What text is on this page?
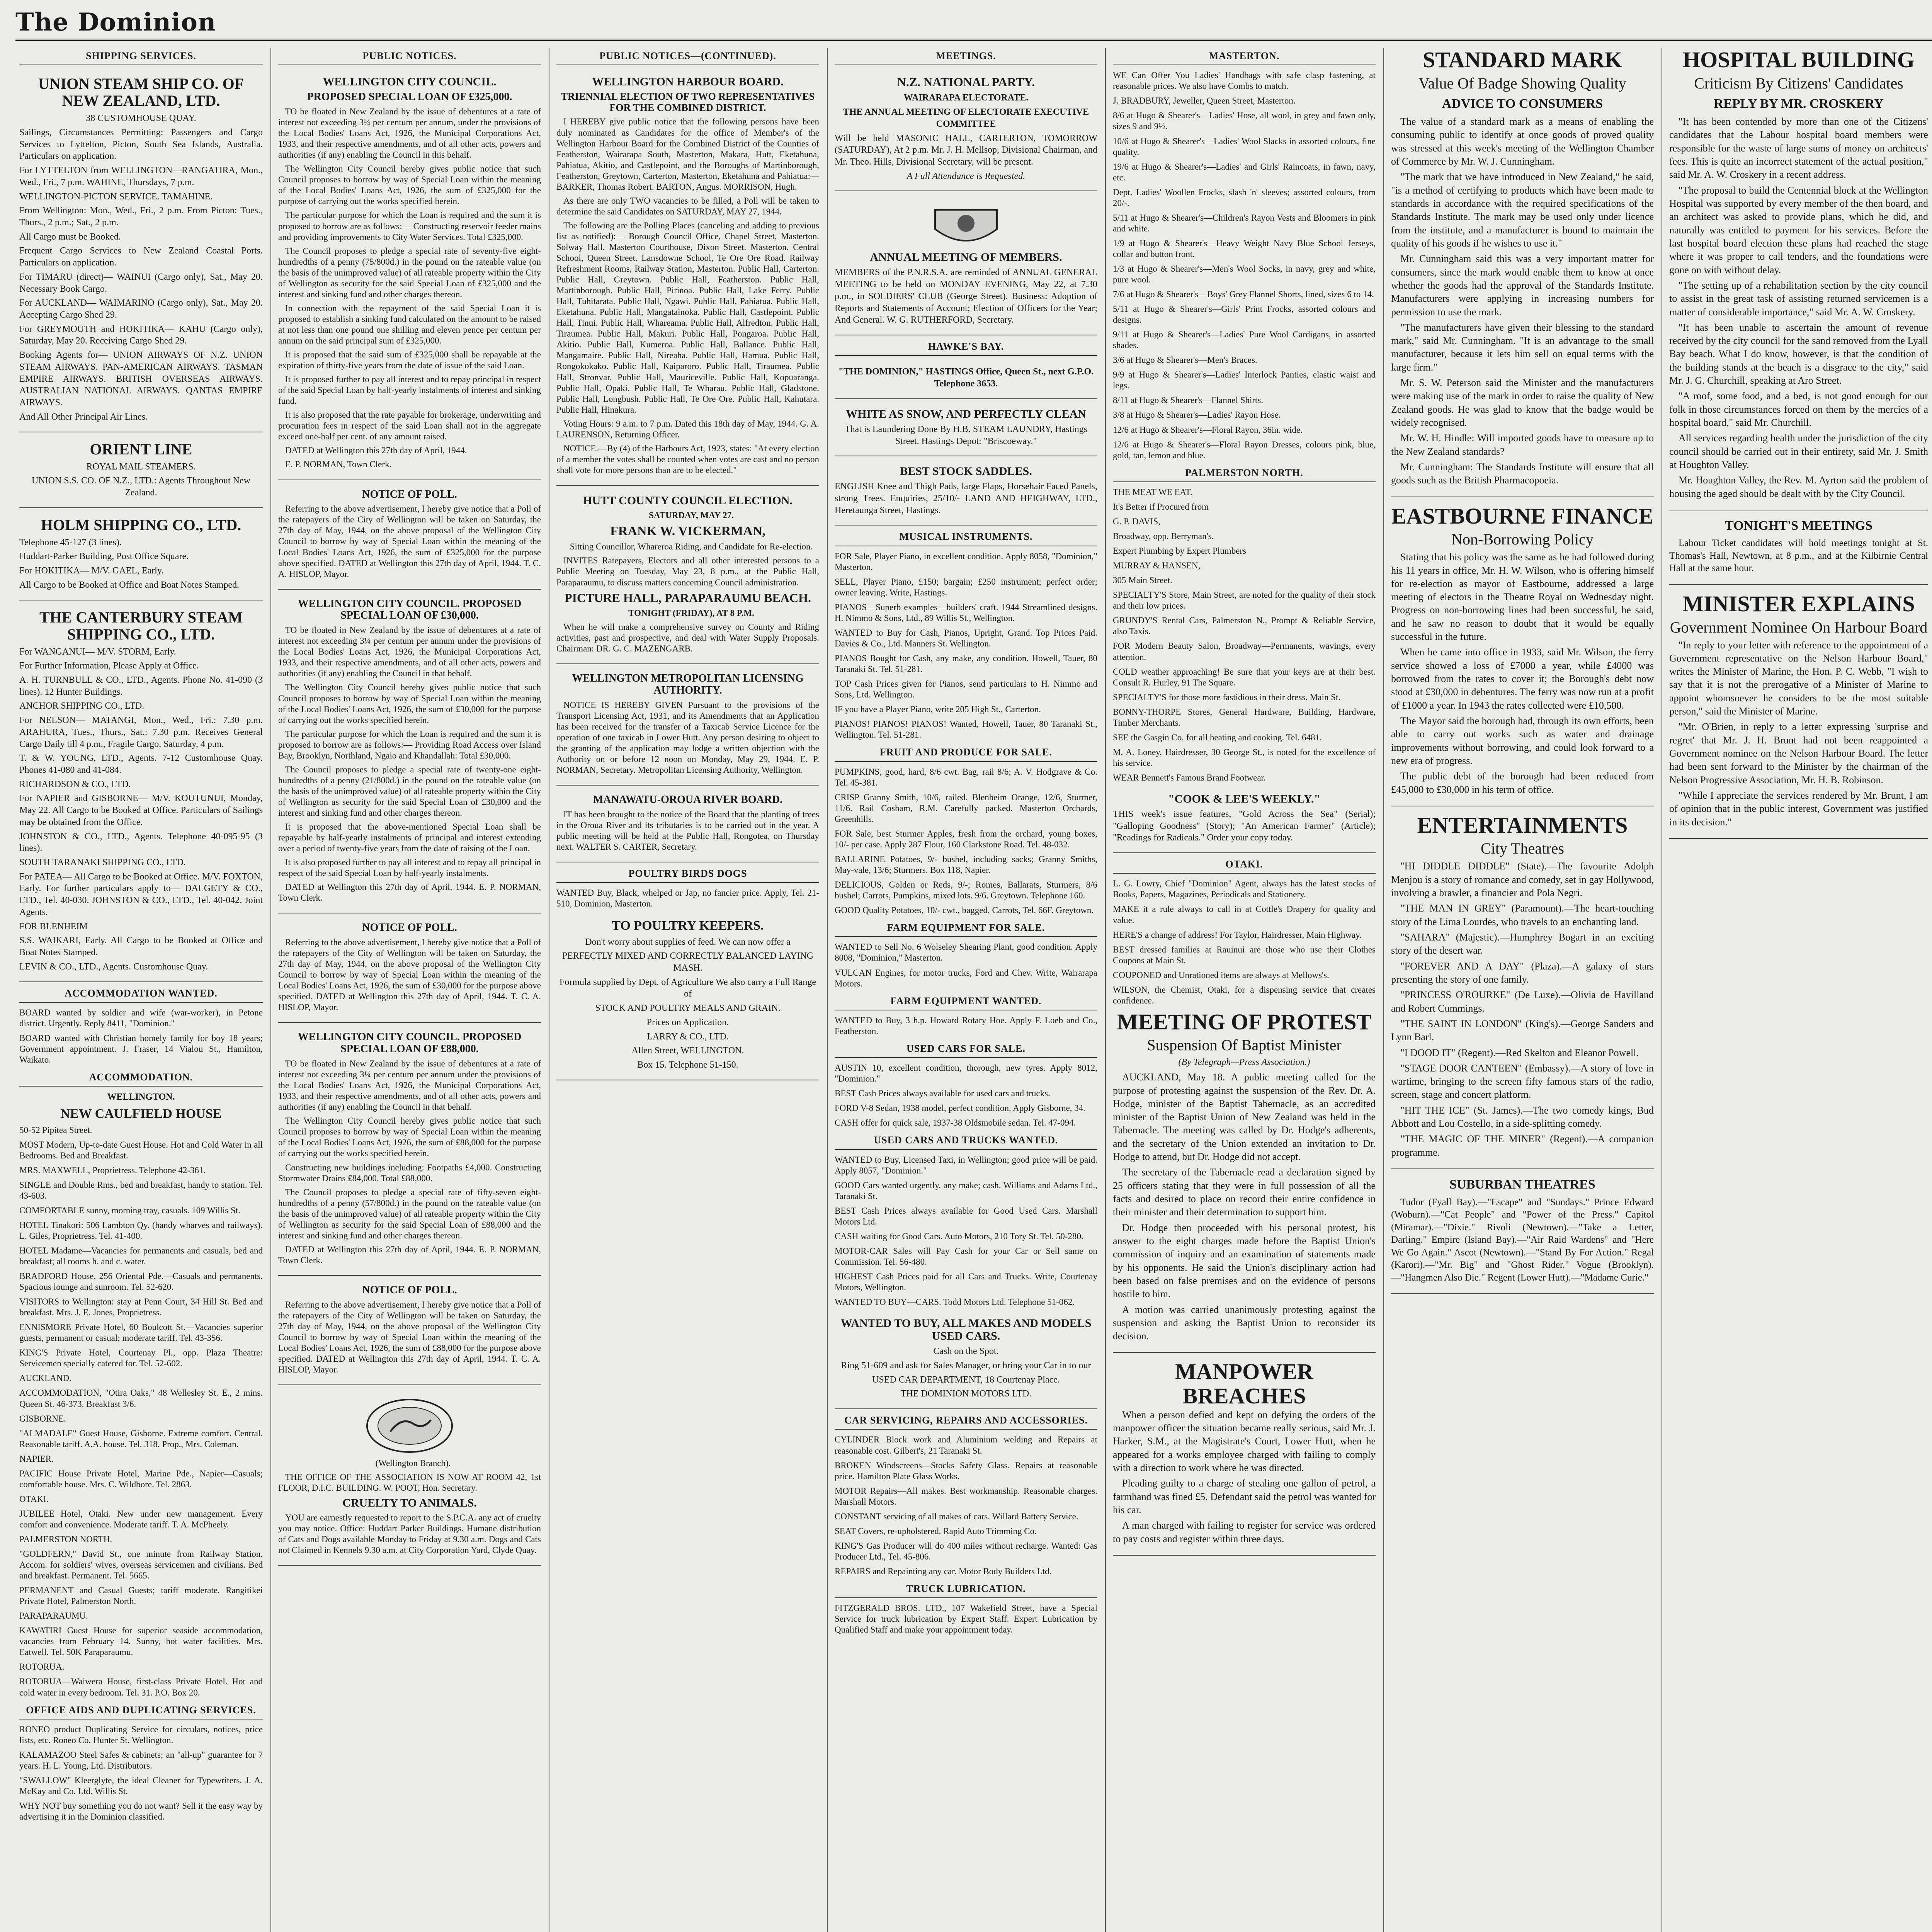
The Dominion
SHIPPING SERVICES.
UNION STEAM SHIP CO. OF NEW ZEALAND, LTD.

38 CUSTOMHOUSE QUAY.

Sailings, Circumstances Permitting: Passengers and Cargo Services to Lyttelton, Picton, South Sea Islands, Australia. Particulars on application.

For LYTTELTON from WELLINGTON—RANGATIRA, Mon., Wed., Fri., 7 p.m. WAHINE, Thursdays, 7 p.m.

WELLINGTON-PICTON SERVICE. TAMAHINE.

From Wellington: Mon., Wed., Fri., 2 p.m. From Picton: Tues., Thurs., 2 p.m.; Sat., 2 p.m.

All Cargo must be Booked.

Frequent Cargo Services to New Zealand Coastal Ports. Particulars on application.

For TIMARU (direct)— WAINUI (Cargo only), Sat., May 20. Necessary Book Cargo.

For AUCKLAND— WAIMARINO (Cargo only), Sat., May 20. Accepting Cargo Shed 29.

For GREYMOUTH and HOKITIKA— KAHU (Cargo only), Saturday, May 20. Receiving Cargo Shed 29.

Booking Agents for— UNION AIRWAYS OF N.Z. UNION STEAM AIRWAYS. PAN-AMERICAN AIRWAYS. TASMAN EMPIRE AIRWAYS. BRITISH OVERSEAS AIRWAYS. AUSTRALIAN NATIONAL AIRWAYS. QANTAS EMPIRE AIRWAYS.

And All Other Principal Air Lines.

ORIENT LINE

ROYAL MAIL STEAMERS.

UNION S.S. CO. OF N.Z., LTD.: Agents Throughout New Zealand.

HOLM SHIPPING CO., LTD.

Telephone 45-127 (3 lines).

Huddart-Parker Building, Post Office Square.

For HOKITIKA— M/V. GAEL, Early.

All Cargo to be Booked at Office and Boat Notes Stamped.

THE CANTERBURY STEAM SHIPPING CO., LTD.

For WANGANUI— M/V. STORM, Early.

For Further Information, Please Apply at Office.

A. H. TURNBULL & CO., LTD., Agents. Phone No. 41-090 (3 lines). 12 Hunter Buildings.

ANCHOR SHIPPING CO., LTD.

For NELSON— MATANGI, Mon., Wed., Fri.: 7.30 p.m. ARAHURA, Tues., Thurs., Sat.: 7.30 p.m. Receives General Cargo Daily till 4 p.m., Fragile Cargo, Saturday, 4 p.m.

T. & W. YOUNG, LTD., Agents. 7-12 Customhouse Quay. Phones 41-080 and 41-084.

RICHARDSON & CO., LTD.

For NAPIER and GISBORNE— M/V. KOUTUNUI, Monday, May 22. All Cargo to be Booked at Office. Particulars of Sailings may be obtained from the Office.

JOHNSTON & CO., LTD., Agents. Telephone 40-095-95 (3 lines).

SOUTH TARANAKI SHIPPING CO., LTD.

For PATEA— All Cargo to be Booked at Office. M/V. FOXTON, Early. For further particulars apply to— DALGETY & CO., LTD., Tel. 40-030. JOHNSTON & CO., LTD., Tel. 40-042. Joint Agents.

FOR BLENHEIM

S.S. WAIKARI, Early. All Cargo to be Booked at Office and Boat Notes Stamped.

LEVIN & CO., LTD., Agents. Customhouse Quay.

ACCOMMODATION WANTED.

BOARD wanted by soldier and wife (war-worker), in Petone district. Urgently. Reply 8411, "Dominion."

BOARD wanted with Christian homely family for boy 18 years; Government appointment. J. Fraser, 14 Vialou St., Hamilton, Waikato.

ACCOMMODATION.

WELLINGTON.

NEW CAULFIELD HOUSE

50-52 Pipitea Street.

MOST Modern, Up-to-date Guest House. Hot and Cold Water in all Bedrooms. Bed and Breakfast.

MRS. MAXWELL, Proprietress. Telephone 42-361.

SINGLE and Double Rms., bed and breakfast, handy to station. Tel. 43-603.

COMFORTABLE sunny, morning tray, casuals. 109 Willis St.

HOTEL Tinakori: 506 Lambton Qy. (handy wharves and railways). L. Giles, Proprietress. Tel. 41-400.

HOTEL Madame—Vacancies for permanents and casuals, bed and breakfast; all rooms h. and c. water.

BRADFORD House, 256 Oriental Pde.—Casuals and permanents. Spacious lounge and sunroom. Tel. 52-620.

VISITORS to Wellington: stay at Penn Court, 34 Hill St. Bed and breakfast. Mrs. J. E. Jones, Proprietress.

ENNISMORE Private Hotel, 60 Boulcott St.—Vacancies superior guests, permanent or casual; moderate tariff. Tel. 43-356.

KING'S Private Hotel, Courtenay Pl., opp. Plaza Theatre: Servicemen specially catered for. Tel. 52-602.

AUCKLAND.

ACCOMMODATION, "Otira Oaks," 48 Wellesley St. E., 2 mins. Queen St. 46-373. Breakfast 3/6.

GISBORNE.

"ALMADALE" Guest House, Gisborne. Extreme comfort. Central. Reasonable tariff. A.A. house. Tel. 318. Prop., Mrs. Coleman.

NAPIER.

PACIFIC House Private Hotel, Marine Pde., Napier—Casuals; comfortable house. Mrs. C. Wildbore. Tel. 2863.

OTAKI.

JUBILEE Hotel, Otaki. New under new management. Every comfort and convenience. Moderate tariff. T. A. McPheely.

PALMERSTON NORTH.

"GOLDFERN," David St., one minute from Railway Station. Accom. for soldiers' wives, overseas servicemen and civilians. Bed and breakfast. Permanent. Tel. 5665.

PERMANENT and Casual Guests; tariff moderate. Rangitikei Private Hotel, Palmerston North.

PARAPARAUMU.

KAWATIRI Guest House for superior seaside accommodation, vacancies from February 14. Sunny, hot water facilities. Mrs. Eatwell. Tel. 50K Paraparaumu.

ROTORUA.

ROTORUA—Waiwera House, first-class Private Hotel. Hot and cold water in every bedroom. Tel. 31. P.O. Box 20.

OFFICE AIDS AND DUPLICATING SERVICES.

RONEO product Duplicating Service for circulars, notices, price lists, etc. Roneo Co. Hunter St. Wellington.

KALAMAZOO Steel Safes & cabinets; an "all-up" guarantee for 7 years. H. L. Young, Ltd. Distributors.

"SWALLOW" Kleerglyte, the ideal Cleaner for Typewriters. J. A. McKay and Co. Ltd. Willis St.

WHY NOT buy something you do not want? Sell it the easy way by advertising it in the Dominion classified.

PUBLIC NOTICES.
WELLINGTON CITY COUNCIL.
PROPOSED SPECIAL LOAN OF £325,000.

TO be floated in New Zealand by the issue of debentures at a rate of interest not exceeding 3¼ per centum per annum, under the provisions of the Local Bodies' Loans Act, 1926, the Municipal Corporations Act, 1933, and their respective amendments, and of all other acts, powers and authorities (if any) enabling the Council in this behalf.

The Wellington City Council hereby gives public notice that such Council proposes to borrow by way of Special Loan within the meaning of the Local Bodies' Loans Act, 1926, the sum of £325,000 for the purpose of carrying out the works specified herein.

The particular purpose for which the Loan is required and the sum it is proposed to borrow are as follows:— Constructing reservoir feeder mains and providing improvements to City Water Services. Total £325,000.

The Council proposes to pledge a special rate of seventy-five eight-hundredths of a penny (75/800d.) in the pound on the rateable value (on the basis of the unimproved value) of all rateable property within the City of Wellington as security for the said Special Loan of £325,000 and the interest and sinking fund and other charges thereon.

In connection with the repayment of the said Special Loan it is proposed to establish a sinking fund calculated on the amount to be raised at not less than one pound one shilling and eleven pence per centum per annum on the said principal sum of £325,000.

It is proposed that the said sum of £325,000 shall be repayable at the expiration of thirty-five years from the date of issue of the said Loan.

It is proposed further to pay all interest and to repay principal in respect of the said Special Loan by half-yearly instalments of interest and sinking fund.

It is also proposed that the rate payable for brokerage, underwriting and procuration fees in respect of the said Loan shall not in the aggregate exceed one-half per cent. of any amount raised.

DATED at Wellington this 27th day of April, 1944.

E. P. NORMAN, Town Clerk.

NOTICE OF POLL.

Referring to the above advertisement, I hereby give notice that a Poll of the ratepayers of the City of Wellington will be taken on Saturday, the 27th day of May, 1944, on the above proposal of the Wellington City Council to borrow by way of Special Loan within the meaning of the Local Bodies' Loans Act, 1926, the sum of £325,000 for the purpose above specified. DATED at Wellington this 27th day of April, 1944. T. C. A. HISLOP, Mayor.

WELLINGTON CITY COUNCIL. PROPOSED SPECIAL LOAN OF £30,000.

TO be floated in New Zealand by the issue of debentures at a rate of interest not exceeding 3¼ per centum per annum under the provisions of the Local Bodies' Loans Act, 1926, the Municipal Corporations Act, 1933, and their respective amendments, and of all other acts, powers and authorities (if any) enabling the Council in that behalf.

The Wellington City Council hereby gives public notice that such Council proposes to borrow by way of Special Loan within the meaning of the Local Bodies' Loans Act, 1926, the sum of £30,000 for the purpose of carrying out the works specified herein.

The particular purpose for which the Loan is required and the sum it is proposed to borrow are as follows:— Providing Road Access over Island Bay, Brooklyn, Northland, Ngaio and Khandallah: Total £30,000.

The Council proposes to pledge a special rate of twenty-one eight-hundredths of a penny (21/800d.) in the pound on the rateable value (on the basis of the unimproved value) of all rateable property within the City of Wellington as security for the said Special Loan of £30,000 and the interest and sinking fund and other charges thereon.

It is proposed that the above-mentioned Special Loan shall be repayable by half-yearly instalments of principal and interest extending over a period of twenty-five years from the date of raising of the Loan.

It is also proposed further to pay all interest and to repay all principal in respect of the said Special Loan by half-yearly instalments.

DATED at Wellington this 27th day of April, 1944. E. P. NORMAN, Town Clerk.

NOTICE OF POLL.

Referring to the above advertisement, I hereby give notice that a Poll of the ratepayers of the City of Wellington will be taken on Saturday, the 27th day of May, 1944, on the above proposal of the Wellington City Council to borrow by way of Special Loan within the meaning of the Local Bodies' Loans Act, 1926, the sum of £30,000 for the purpose above specified. DATED at Wellington this 27th day of April, 1944. T. C. A. HISLOP, Mayor.

WELLINGTON CITY COUNCIL. PROPOSED SPECIAL LOAN OF £88,000.

TO be floated in New Zealand by the issue of debentures at a rate of interest not exceeding 3¼ per centum per annum under the provisions of the Local Bodies' Loans Act, 1926, the Municipal Corporations Act, 1933, and their respective amendments, and of all other acts, powers and authorities (if any) enabling the Council in that behalf.

The Wellington City Council hereby gives public notice that such Council proposes to borrow by way of Special Loan within the meaning of the Local Bodies' Loans Act, 1926, the sum of £88,000 for the purpose of carrying out the works specified herein.

Constructing new buildings including: Footpaths £4,000. Constructing Stormwater Drains £84,000. Total £88,000.

The Council proposes to pledge a special rate of fifty-seven eight-hundredths of a penny (57/800d.) in the pound on the rateable value (on the basis of the unimproved value) of all rateable property within the City of Wellington as security for the said Special Loan of £88,000 and the interest and sinking fund and other charges thereon.

DATED at Wellington this 27th day of April, 1944. E. P. NORMAN, Town Clerk.

NOTICE OF POLL.

Referring to the above advertisement, I hereby give notice that a Poll of the ratepayers of the City of Wellington will be taken on Saturday, the 27th day of May, 1944, on the above proposal of the Wellington City Council to borrow by way of Special Loan within the meaning of the Local Bodies' Loans Act, 1926, the sum of £88,000 for the purpose above specified. DATED at Wellington this 27th day of April, 1944. T. C. A. HISLOP, Mayor.

(Wellington Branch).

THE OFFICE OF THE ASSOCIATION IS NOW AT ROOM 42, 1st FLOOR, D.I.C. BUILDING. W. POOT, Hon. Secretary.

CRUELTY TO ANIMALS.

YOU are earnestly requested to report to the S.P.C.A. any act of cruelty you may notice. Office: Huddart Parker Buildings. Humane distribution of Cats and Dogs available Monday to Friday at 9.30 a.m. Dogs and Cats not Claimed in Kennels 9.30 a.m. at City Corporation Yard, Clyde Quay.

PUBLIC NOTICES—(CONTINUED).
WELLINGTON HARBOUR BOARD.
TRIENNIAL ELECTION OF TWO REPRESENTATIVES FOR THE COMBINED DISTRICT.

I HEREBY give public notice that the following persons have been duly nominated as Candidates for the office of Member's of the Wellington Harbour Board for the Combined District of the Counties of Featherston, Wairarapa South, Masterton, Makara, Hutt, Eketahuna, Pahiatua, Akitio, and Castlepoint, and the Boroughs of Martinborough, Featherston, Greytown, Carterton, Masterton, Eketahuna and Pahiatua:— BARKER, Thomas Robert. BARTON, Angus. MORRISON, Hugh.

As there are only TWO vacancies to be filled, a Poll will be taken to determine the said Candidates on SATURDAY, MAY 27, 1944.

The following are the Polling Places (canceling and adding to previous list as notified):— Borough Council Office, Chapel Street, Masterton. Solway Hall. Masterton Courthouse, Dixon Street. Masterton. Central School, Queen Street. Lansdowne School, Te Ore Ore Road. Railway Refreshment Rooms, Railway Station, Masterton. Public Hall, Carterton. Public Hall, Greytown. Public Hall, Featherston. Public Hall, Martinborough. Public Hall, Pirinoa. Public Hall, Lake Ferry. Public Hall, Tuhitarata. Public Hall, Ngawi. Public Hall, Pahiatua. Public Hall, Eketahuna. Public Hall, Mangatainoka. Public Hall, Castlepoint. Public Hall, Tinui. Public Hall, Whareama. Public Hall, Alfredton. Public Hall, Tiraumea. Public Hall, Makuri. Public Hall, Pongaroa. Public Hall, Akitio. Public Hall, Kumeroa. Public Hall, Ballance. Public Hall, Mangamaire. Public Hall, Nireaha. Public Hall, Hamua. Public Hall, Rongokokako. Public Hall, Kaiparoro. Public Hall, Tiraumea. Public Hall, Stronvar. Public Hall, Mauriceville. Public Hall, Kopuaranga. Public Hall, Opaki. Public Hall, Te Wharau. Public Hall, Gladstone. Public Hall, Longbush. Public Hall, Te Ore Ore. Public Hall, Kahutara. Public Hall, Hinakura.

Voting Hours: 9 a.m. to 7 p.m. Dated this 18th day of May, 1944. G. A. LAURENSON, Returning Officer.

NOTICE.—By (4) of the Harbours Act, 1923, states: "At every election of a member the votes shall be counted when votes are cast and no person shall vote for more persons than are to be elected."

HUTT COUNTY COUNCIL ELECTION.

SATURDAY, MAY 27.

FRANK W. VICKERMAN,

Sitting Councillor, Whareroa Riding, and Candidate for Re-election.

INVITES Ratepayers, Electors and all other interested persons to a Public Meeting on Tuesday, May 23, 8 p.m., at the Public Hall, Paraparaumu, to discuss matters concerning Council administration.

PICTURE HALL, PARAPARAUMU BEACH.

TONIGHT (FRIDAY), AT 8 P.M.

When he will make a comprehensive survey on County and Riding activities, past and prospective, and deal with Water Supply Proposals. Chairman: DR. G. C. MAZENGARB.

WELLINGTON METROPOLITAN LICENSING AUTHORITY.

NOTICE IS HEREBY GIVEN Pursuant to the provisions of the Transport Licensing Act, 1931, and its Amendments that an Application has been received for the transfer of a Taxicab Service Licence for the operation of one taxicab in Lower Hutt. Any person desiring to object to the granting of the application may lodge a written objection with the Authority on or before 12 noon on Monday, May 29, 1944. E. P. NORMAN, Secretary. Metropolitan Licensing Authority, Wellington.

MANAWATU-OROUA RIVER BOARD.

IT has been brought to the notice of the Board that the planting of trees in the Oroua River and its tributaries is to be carried out in the year. A public meeting will be held at the Public Hall, Rongotea, on Thursday next. WALTER S. CARTER, Secretary.

POULTRY BIRDS DOGS

WANTED Buy, Black, whelped or Jap, no fancier price. Apply, Tel. 21-510, Dominion, Masterton.

TO POULTRY KEEPERS.

Don't worry about supplies of feed. We can now offer a

PERFECTLY MIXED AND CORRECTLY BALANCED LAYING MASH.

Formula supplied by Dept. of Agriculture We also carry a Full Range of

STOCK AND POULTRY MEALS AND GRAIN.

Prices on Application.

LARRY & CO., LTD.

Allen Street, WELLINGTON.

Box 15. Telephone 51-150.

MEETINGS.
N.Z. NATIONAL PARTY.

WAIRARAPA ELECTORATE.

THE ANNUAL MEETING OF ELECTORATE EXECUTIVE COMMITTEE

Will be held MASONIC HALL, CARTERTON, TOMORROW (SATURDAY), At 2 p.m. Mr. J. H. Mellsop, Divisional Chairman, and Mr. Theo. Hills, Divisional Secretary, will be present.

A Full Attendance is Requested.

ANNUAL MEETING OF MEMBERS.

MEMBERS of the P.N.R.S.A. are reminded of ANNUAL GENERAL MEETING to be held on MONDAY EVENING, May 22, at 7.30 p.m., in SOLDIERS' CLUB (George Street). Business: Adoption of Reports and Statements of Account; Election of Officers for the Year; And General. W. G. RUTHERFORD, Secretary.

HAWKE'S BAY.

"THE DOMINION," HASTINGS Office, Queen St., next G.P.O. Telephone 3653.

WHITE AS SNOW, AND PERFECTLY CLEAN

That is Laundering Done By H.B. STEAM LAUNDRY, Hastings Street. Hastings Depot: "Briscoeway."

BEST STOCK SADDLES.

ENGLISH Knee and Thigh Pads, large Flaps, Horsehair Faced Panels, strong Trees. Enquiries, 25/10/- LAND AND HEIGHWAY, LTD., Heretaunga Street, Hastings.

MUSICAL INSTRUMENTS.

FOR Sale, Player Piano, in excellent condition. Apply 8058, "Dominion," Masterton.

SELL, Player Piano, £150; bargain; £250 instrument; perfect order; owner leaving. Write, Hastings.

PIANOS—Superb examples—builders' craft. 1944 Streamlined designs. H. Nimmo & Sons, Ltd., 89 Willis St., Wellington.

WANTED to Buy for Cash, Pianos, Upright, Grand. Top Prices Paid. Davies & Co., Ltd. Manners St. Wellington.

PIANOS Bought for Cash, any make, any condition. Howell, Tauer, 80 Taranaki St. Tel. 51-281.

TOP Cash Prices given for Pianos, send particulars to H. Nimmo and Sons, Ltd. Wellington.

IF you have a Player Piano, write 205 High St., Carterton.

PIANOS! PIANOS! PIANOS! Wanted, Howell, Tauer, 80 Taranaki St., Wellington. Tel. 51-281.

FRUIT AND PRODUCE FOR SALE.

PUMPKINS, good, hard, 8/6 cwt. Bag, rail 8/6; A. V. Hodgrave & Co. Tel. 45-381.

CRISP Granny Smith, 10/6, railed. Blenheim Orange, 12/6, Sturmer, 11/6. Rail Cosham, R.M. Carefully packed. Masterton Orchards, Greenhills.

FOR Sale, best Sturmer Apples, fresh from the orchard, young boxes, 10/- per case. Apply 287 Flour, 160 Clarkstone Road. Tel. 48-032.

BALLARINE Potatoes, 9/- bushel, including sacks; Granny Smiths, May-vale, 13/6; Sturmers. Box 118, Napier.

DELICIOUS, Golden or Reds, 9/-; Romes, Ballarats, Sturmers, 8/6 bushel; Carrots, Pumpkins, mixed lots. 9/6. Greytown. Telephone 160.

GOOD Quality Potatoes, 10/- cwt., bagged. Carrots, Tel. 66F. Greytown.

FARM EQUIPMENT FOR SALE.

WANTED to Sell No. 6 Wolseley Shearing Plant, good condition. Apply 8008, "Dominion," Masterton.

VULCAN Engines, for motor trucks, Ford and Chev. Write, Wairarapa Motors.

FARM EQUIPMENT WANTED.

WANTED to Buy, 3 h.p. Howard Rotary Hoe. Apply F. Loeb and Co., Featherston.

USED CARS FOR SALE.

AUSTIN 10, excellent condition, thorough, new tyres. Apply 8012, "Dominion."

BEST Cash Prices always available for used cars and trucks.

FORD V-8 Sedan, 1938 model, perfect condition. Apply Gisborne, 34.

CASH offer for quick sale, 1937-38 Oldsmobile sedan. Tel. 47-094.

USED CARS AND TRUCKS WANTED.

WANTED to Buy, Licensed Taxi, in Wellington; good price will be paid. Apply 8057, "Dominion."

GOOD Cars wanted urgently, any make; cash. Williams and Adams Ltd., Taranaki St.

BEST Cash Prices always available for Good Used Cars. Marshall Motors Ltd.

CASH waiting for Good Cars. Auto Motors, 210 Tory St. Tel. 50-280.

MOTOR-CAR Sales will Pay Cash for your Car or Sell same on Commission. Tel. 56-480.

HIGHEST Cash Prices paid for all Cars and Trucks. Write, Courtenay Motors, Wellington.

WANTED TO BUY—CARS. Todd Motors Ltd. Telephone 51-062.

WANTED TO BUY, ALL MAKES AND MODELS USED CARS.

Cash on the Spot.

Ring 51-609 and ask for Sales Manager, or bring your Car in to our

USED CAR DEPARTMENT, 18 Courtenay Place.

THE DOMINION MOTORS LTD.

CAR SERVICING, REPAIRS AND ACCESSORIES.

CYLINDER Block work and Aluminium welding and Repairs at reasonable cost. Gilbert's, 21 Taranaki St.

BROKEN Windscreens—Stocks Safety Glass. Repairs at reasonable price. Hamilton Plate Glass Works.

MOTOR Repairs—All makes. Best workmanship. Reasonable charges. Marshall Motors.

CONSTANT servicing of all makes of cars. Willard Battery Service.

SEAT Covers, re-upholstered. Rapid Auto Trimming Co.

KING'S Gas Producer will do 400 miles without recharge. Wanted: Gas Producer Ltd., Tel. 45-806.

REPAIRS and Repainting any car. Motor Body Builders Ltd.

TRUCK LUBRICATION.

FITZGERALD BROS. LTD., 107 Wakefield Street, have a Special Service for truck lubrication by Expert Staff. Expert Lubrication by Qualified Staff and make your appointment today.

MASTERTON.

WE Can Offer You Ladies' Handbags with safe clasp fastening, at reasonable prices. We also have Combs to match.

J. BRADBURY, Jeweller, Queen Street, Masterton.

8/6 at Hugo & Shearer's—Ladies' Hose, all wool, in grey and fawn only, sizes 9 and 9½.

10/6 at Hugo & Shearer's—Ladies' Wool Slacks in assorted colours, fine quality.

19/6 at Hugo & Shearer's—Ladies' and Girls' Raincoats, in fawn, navy, etc.

Dept. Ladies' Woollen Frocks, slash 'n' sleeves; assorted colours, from 20/-.

5/11 at Hugo & Shearer's—Children's Rayon Vests and Bloomers in pink and white.

1/9 at Hugo & Shearer's—Heavy Weight Navy Blue School Jerseys, collar and button front.

1/3 at Hugo & Shearer's—Men's Wool Socks, in navy, grey and white, pure wool.

7/6 at Hugo & Shearer's—Boys' Grey Flannel Shorts, lined, sizes 6 to 14.

5/11 at Hugo & Shearer's—Girls' Print Frocks, assorted colours and designs.

9/11 at Hugo & Shearer's—Ladies' Pure Wool Cardigans, in assorted shades.

3/6 at Hugo & Shearer's—Men's Braces.

9/9 at Hugo & Shearer's—Ladies' Interlock Panties, elastic waist and legs.

8/11 at Hugo & Shearer's—Flannel Shirts.

3/8 at Hugo & Shearer's—Ladies' Rayon Hose.

12/6 at Hugo & Shearer's—Floral Rayon, 36in. wide.

12/6 at Hugo & Shearer's—Floral Rayon Dresses, colours pink, blue, gold, tan, lemon and blue.

PALMERSTON NORTH.

THE MEAT WE EAT.

It's Better if Procured from

G. P. DAVIS,

Broadway, opp. Berryman's.

Expert Plumbing by Expert Plumbers

MURRAY & HANSEN,

305 Main Street.

SPECIALTY'S Store, Main Street, are noted for the quality of their stock and their low prices.

GRUNDY'S Rental Cars, Palmerston N., Prompt & Reliable Service, also Taxis.

FOR Modern Beauty Salon, Broadway—Permanents, wavings, every attention.

COLD weather approaching! Be sure that your keys are at their best. Consult R. Hurley, 91 The Square.

SPECIALTY'S for those more fastidious in their dress. Main St.

BONNY-THORPE Stores, General Hardware, Building, Hardware, Timber Merchants.

SEE the Gasgin Co. for all heating and cooking. Tel. 6481.

M. A. Loney, Hairdresser, 30 George St., is noted for the excellence of his service.

WEAR Bennett's Famous Brand Footwear.

"COOK & LEE'S WEEKLY."

THIS week's issue features, "Gold Across the Sea" (Serial); "Galloping Goodness" (Story); "An American Farmer" (Article); "Readings for Radicals." Order your copy today.

OTAKI.

L. G. Lowry, Chief "Dominion" Agent, always has the latest stocks of Books, Papers, Magazines, Periodicals and Stationery.

MAKE it a rule always to call in at Cottle's Drapery for quality and value.

HERE'S a change of address! For Taylor, Hairdresser, Main Highway.

BEST dressed families at Rauinui are those who use their Clothes Coupons at Main St.

COUPONED and Unrationed items are always at Mellows's.

WILSON, the Chemist, Otaki, for a dispensing service that creates confidence.

MEETING OF PROTEST
Suspension Of Baptist Minister
(By Telegraph—Press Association.)

AUCKLAND, May 18. A public meeting called for the purpose of protesting against the suspension of the Rev. Dr. A. Hodge, minister of the Baptist Tabernacle, as an accredited minister of the Baptist Union of New Zealand was held in the Tabernacle. The meeting was called by Dr. Hodge's adherents, and the secretary of the Union extended an invitation to Dr. Hodge to attend, but Dr. Hodge did not accept.

The secretary of the Tabernacle read a declaration signed by 25 officers stating that they were in full possession of all the facts and desired to place on record their entire confidence in their minister and their determination to support him.

Dr. Hodge then proceeded with his personal protest, his answer to the eight charges made before the Baptist Union's commission of inquiry and an examination of statements made by his opponents. He said the Union's disciplinary action had been based on false premises and on the evidence of persons hostile to him.

A motion was carried unanimously protesting against the suspension and asking the Baptist Union to reconsider its decision.

MANPOWER BREACHES

When a person defied and kept on defying the orders of the manpower officer the situation became really serious, said Mr. J. Harker, S.M., at the Magistrate's Court, Lower Hutt, when he appeared for a works employee charged with failing to comply with a direction to work where he was directed.

Pleading guilty to a charge of stealing one gallon of petrol, a farmhand was fined £5. Defendant said the petrol was wanted for his car.

A man charged with failing to register for service was ordered to pay costs and register within three days.

STANDARD MARK
Value Of Badge Showing Quality
ADVICE TO CONSUMERS

The value of a standard mark as a means of enabling the consuming public to identify at once goods of proved quality was stressed at this week's meeting of the Wellington Chamber of Commerce by Mr. W. J. Cunningham.

"The mark that we have introduced in New Zealand," he said, "is a method of certifying to products which have been made to standards in accordance with the required specifications of the Standards Institute. The mark may be used only under licence from the institute, and a manufacturer is bound to maintain the quality of his goods if he wishes to use it."

Mr. Cunningham said this was a very important matter for consumers, since the mark would enable them to know at once whether the goods had the approval of the Standards Institute. Manufacturers were applying in increasing numbers for permission to use the mark.

"The manufacturers have given their blessing to the standard mark," said Mr. Cunningham. "It is an advantage to the small manufacturer, because it lets him sell on equal terms with the large firm."

Mr. S. W. Peterson said the Minister and the manufacturers were making use of the mark in order to raise the quality of New Zealand goods. He was glad to know that the badge would be widely recognised.

Mr. W. H. Hindle: Will imported goods have to measure up to the New Zealand standards?

Mr. Cunningham: The Standards Institute will ensure that all goods such as the British Pharmacopoeia.

EASTBOURNE FINANCE
Non-Borrowing Policy

Stating that his policy was the same as he had followed during his 11 years in office, Mr. H. W. Wilson, who is offering himself for re-election as mayor of Eastbourne, addressed a large meeting of electors in the Theatre Royal on Wednesday night. Progress on non-borrowing lines had been successful, he said, and he saw no reason to doubt that it would be equally successful in the future.

When he came into office in 1933, said Mr. Wilson, the ferry service showed a loss of £7000 a year, while £4000 was borrowed from the rates to cover it; the Borough's debt now stood at £30,000 in debentures. The ferry was now run at a profit of £1000 a year. In 1943 the rates collected were £10,500.

The Mayor said the borough had, through its own efforts, been able to carry out works such as water and drainage improvements without borrowing, and could look forward to a new era of progress.

The public debt of the borough had been reduced from £45,000 to £30,000 in his term of office.

ENTERTAINMENTS
City Theatres

"HI DIDDLE DIDDLE" (State).—The favourite Adolph Menjou is a story of romance and comedy, set in gay Hollywood, involving a brawler, a financier and Pola Negri.

"THE MAN IN GREY" (Paramount).—The heart-touching story of the Lima Lourdes, who travels to an enchanting land.

"SAHARA" (Majestic).—Humphrey Bogart in an exciting story of the desert war.

"FOREVER AND A DAY" (Plaza).—A galaxy of stars presenting the story of one family.

"PRINCESS O'ROURKE" (De Luxe).—Olivia de Havilland and Robert Cummings.

"THE SAINT IN LONDON" (King's).—George Sanders and Lynn Barl.

"I DOOD IT" (Regent).—Red Skelton and Eleanor Powell.

"STAGE DOOR CANTEEN" (Embassy).—A story of love in wartime, bringing to the screen fifty famous stars of the radio, screen, stage and concert platform.

"HIT THE ICE" (St. James).—The two comedy kings, Bud Abbott and Lou Costello, in a side-splitting comedy.

"THE MAGIC OF THE MINER" (Regent).—A companion programme.

SUBURBAN THEATRES

Tudor (Fyall Bay).—"Escape" and "Sundays." Prince Edward (Woburn).—"Cat People" and "Power of the Press." Capitol (Miramar).—"Dixie." Rivoli (Newtown).—"Take a Letter, Darling." Empire (Island Bay).—"Air Raid Wardens" and "Here We Go Again." Ascot (Newtown).—"Stand By For Action." Regal (Karori).—"Mr. Big" and "Ghost Rider." Vogue (Brooklyn).—"Hangmen Also Die." Regent (Lower Hutt).—"Madame Curie."

HOSPITAL BUILDING
Criticism By Citizens' Candidates
REPLY BY MR. CROSKERY

"It has been contended by more than one of the Citizens' candidates that the Labour hospital board members were responsible for the waste of large sums of money on architects' fees. This is quite an incorrect statement of the actual position," said Mr. A. W. Croskery in a recent address.

"The proposal to build the Centennial block at the Wellington Hospital was supported by every member of the then board, and an architect was asked to provide plans, which he did, and naturally was entitled to payment for his services. Before the last hospital board election these plans had reached the stage where it was proper to call tenders, and the foundations were gone on with without delay.

"The setting up of a rehabilitation section by the city council to assist in the great task of assisting returned servicemen is a matter of considerable importance," said Mr. A. W. Croskery.

"It has been unable to ascertain the amount of revenue received by the city council for the sand removed from the Lyall Bay beach. What I do know, however, is that the condition of the building stands at the beach is a disgrace to the city," said Mr. J. G. Churchill, speaking at Aro Street.

"A roof, some food, and a bed, is not good enough for our folk in those circumstances forced on them by the mercies of a hospital board," said Mr. Churchill.

All services regarding health under the jurisdiction of the city council should be carried out in their entirety, said Mr. J. Smith at Houghton Valley.

Mr. Houghton Valley, the Rev. M. Ayrton said the problem of housing the aged should be dealt with by the City Council.

TONIGHT'S MEETINGS

Labour Ticket candidates will hold meetings tonight at St. Thomas's Hall, Newtown, at 8 p.m., and at the Kilbirnie Central Hall at the same hour.

MINISTER EXPLAINS
Government Nominee On Harbour Board

"In reply to your letter with reference to the appointment of a Government representative on the Nelson Harbour Board," writes the Minister of Marine, the Hon. P. C. Webb, "I wish to say that it is not the prerogative of a Minister of Marine to appoint whomsoever he considers to be the most suitable person," said the Minister of Marine.

"Mr. O'Brien, in reply to a letter expressing 'surprise and regret' that Mr. J. H. Brunt had not been reappointed a Government nominee on the Nelson Harbour Board. The letter had been sent forward to the Minister by the chairman of the Nelson Progressive Association, Mr. H. B. Robinson.

"While I appreciate the services rendered by Mr. Brunt, I am of opinion that in the public interest, Government was justified in its decision."
